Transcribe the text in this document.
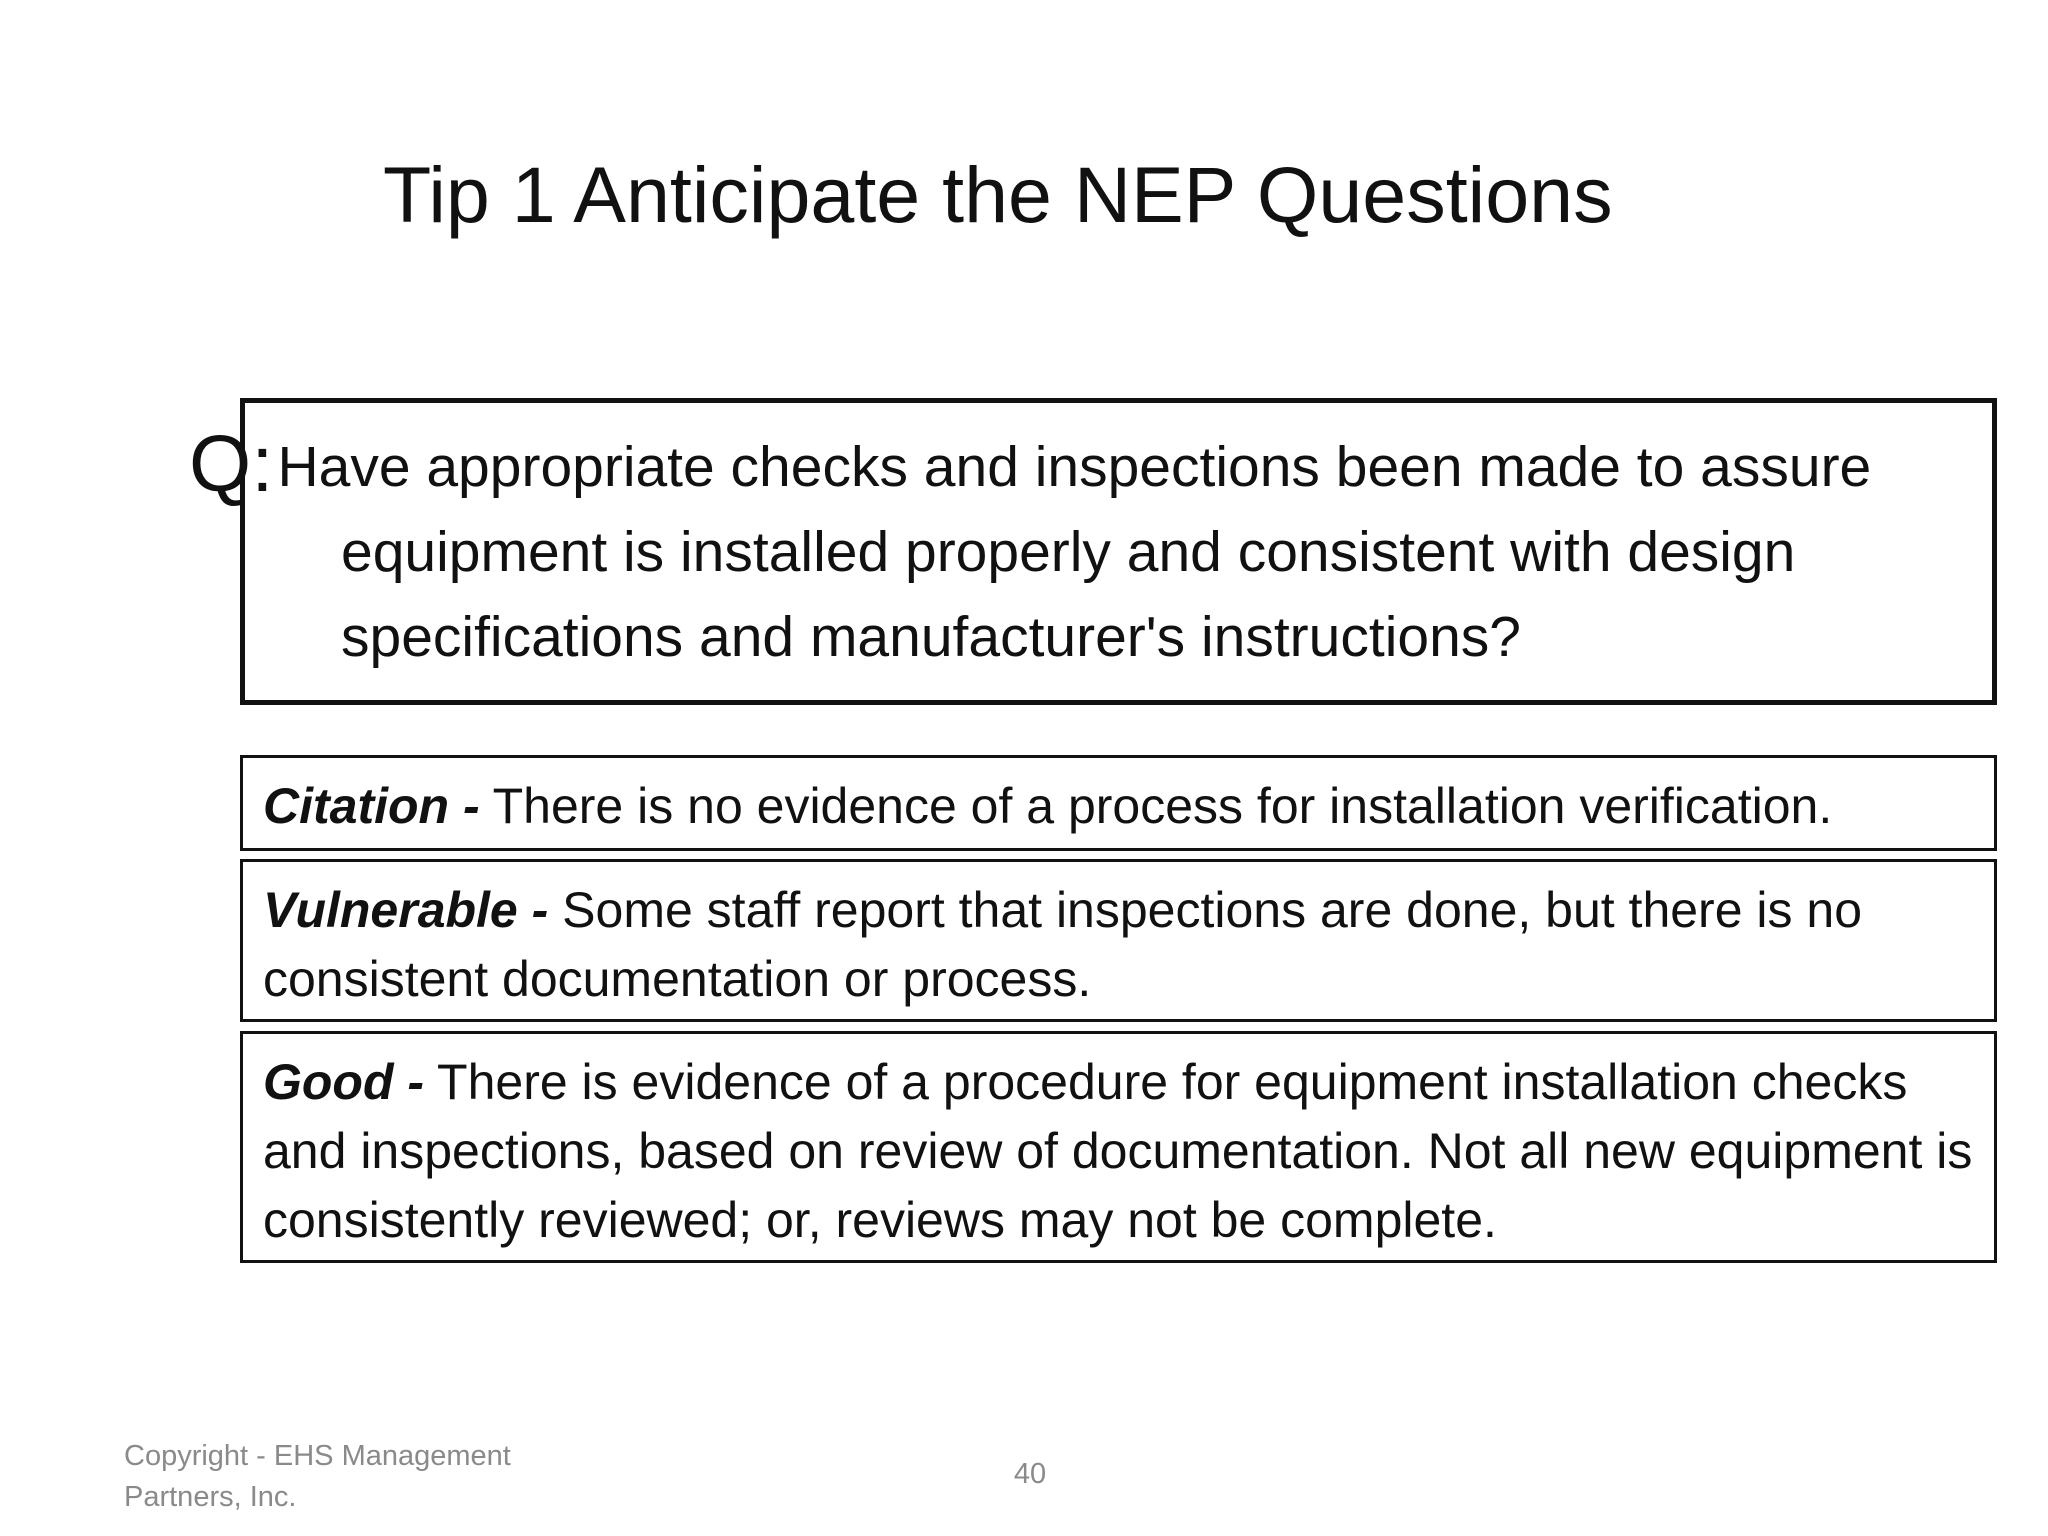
Tip 1 Anticipate the NEP Questions
Q:Have appropriate checks and inspections been made to assure equipment is installed properly and consistent with design specifications and manufacturer's instructions?
Citation - There is no evidence of a process for installation verification.
Vulnerable - Some staff report that inspections are done, but there is no consistent documentation or process.
Good - There is evidence of a procedure for equipment installation checks and inspections, based on review of documentation. Not all new equipment is consistently reviewed; or, reviews may not be complete.
Copyright - EHS Management Partners, Inc.
40
